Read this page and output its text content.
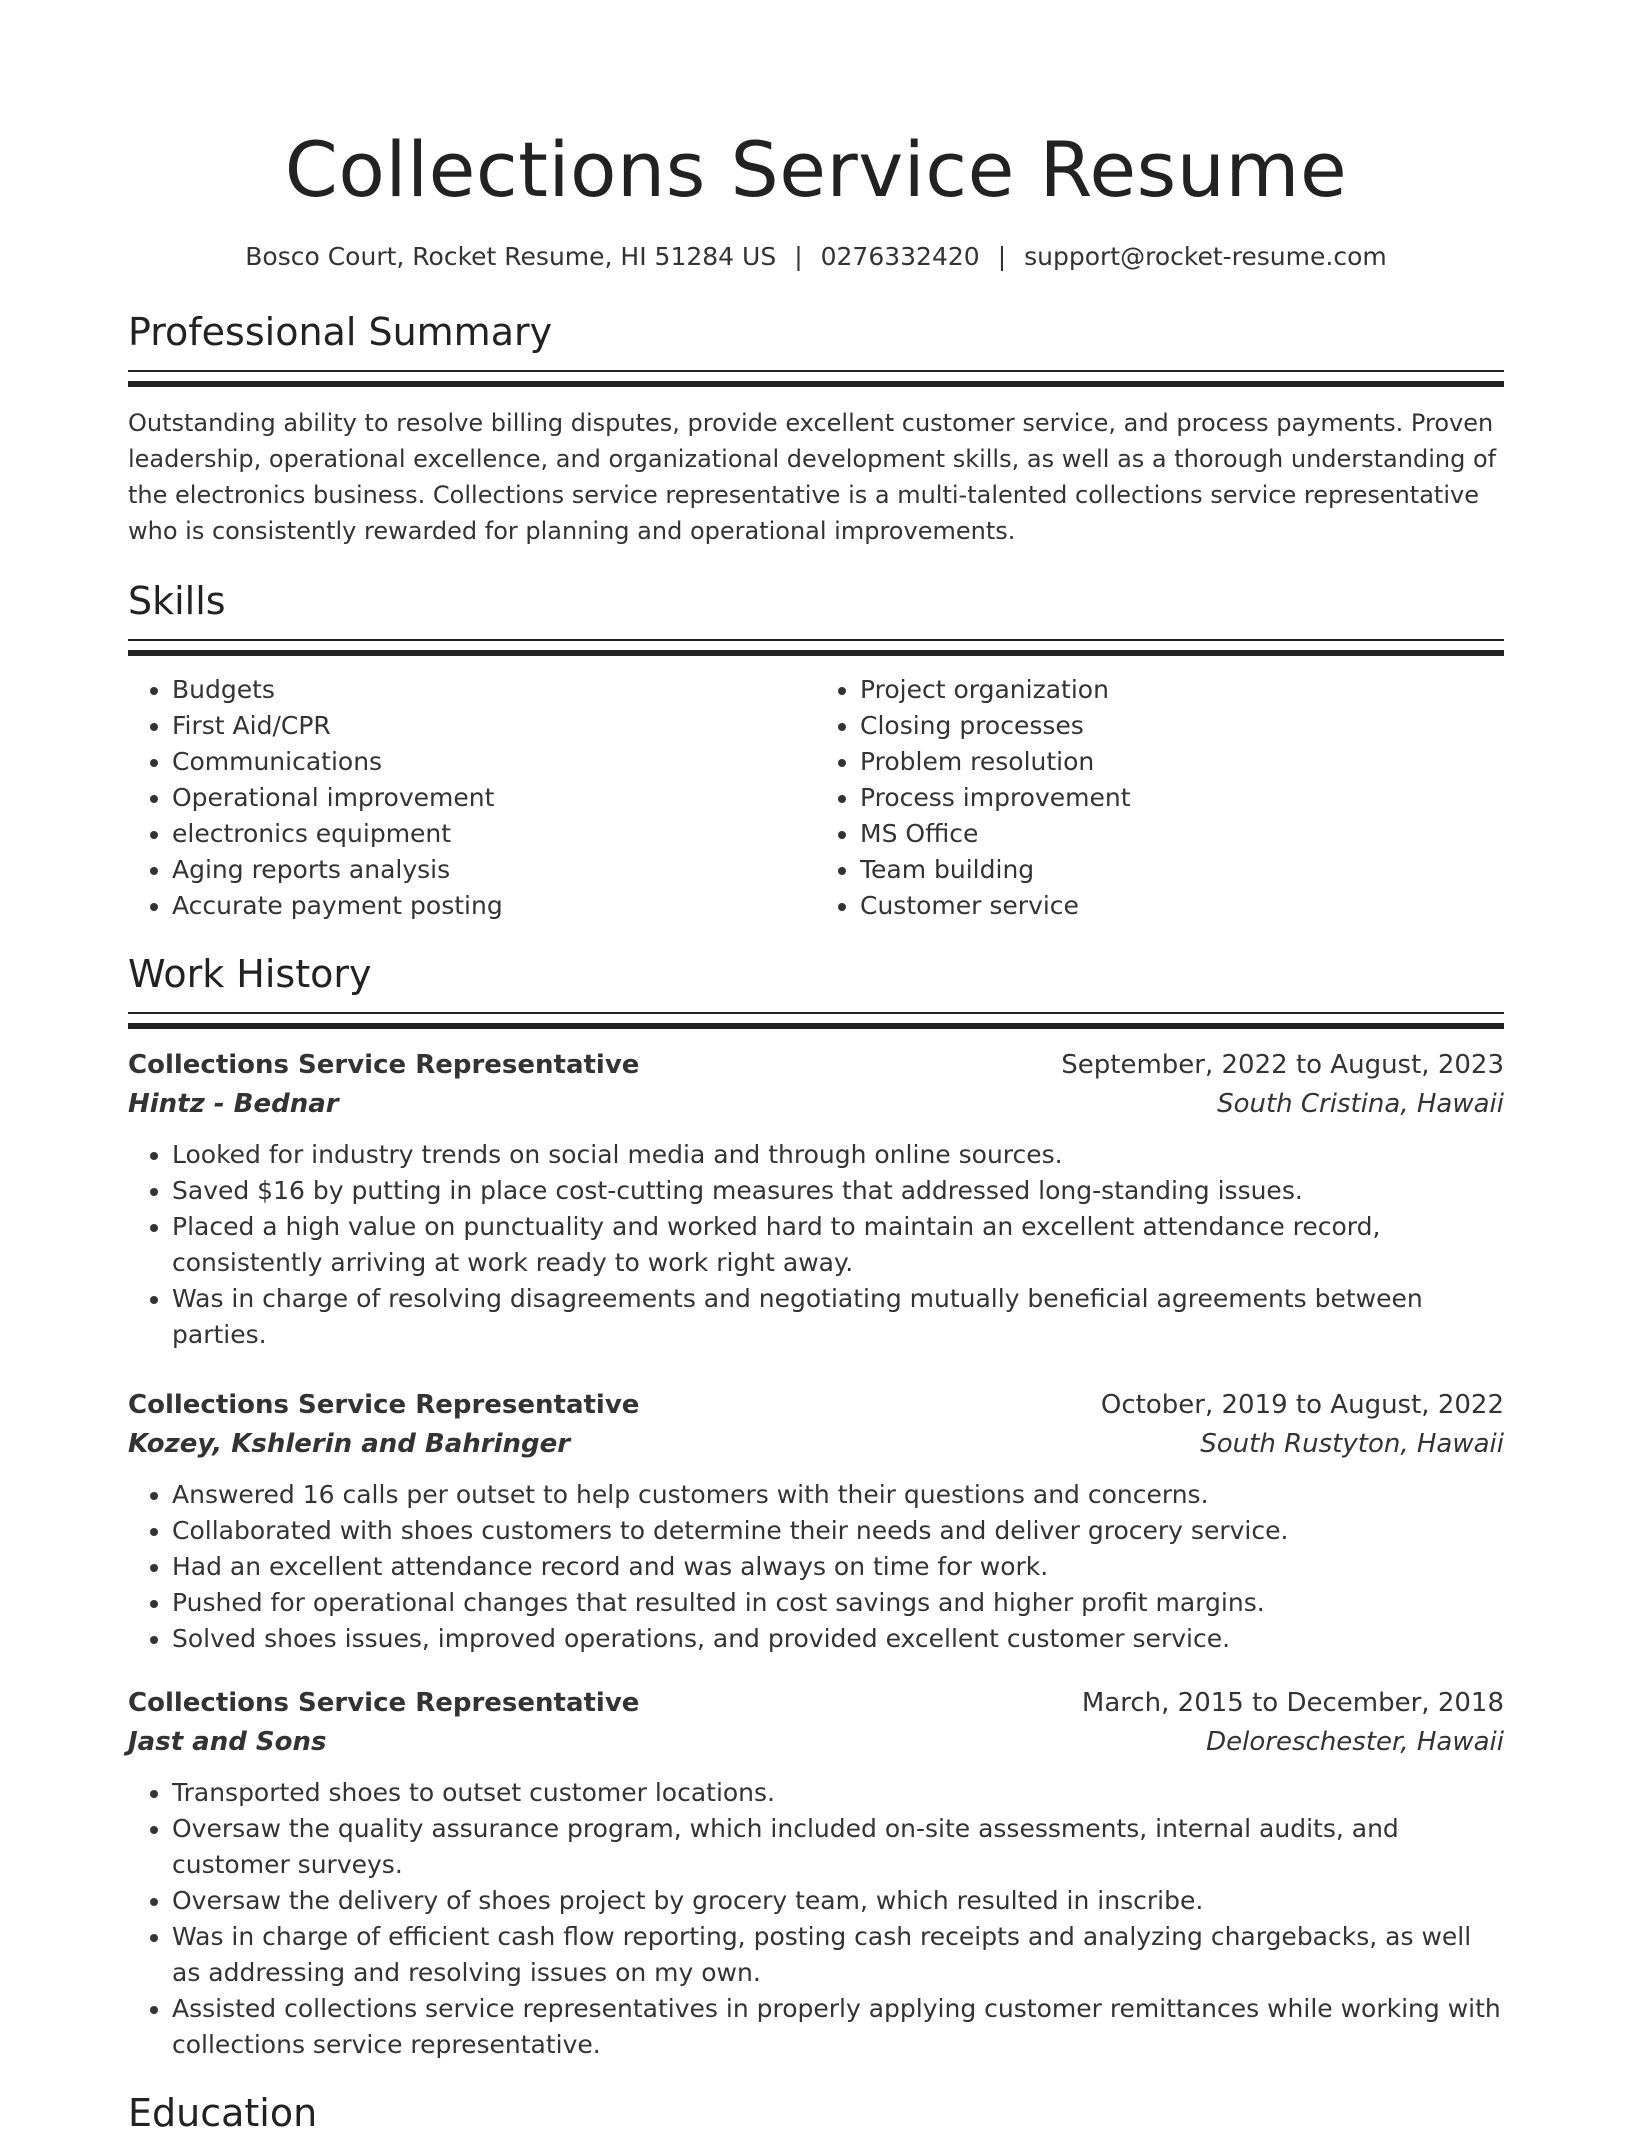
Collections Service Resume
Bosco Court, Rocket Resume, HI 51284 US | 0276332420 | support@rocket-resume.com
Professional Summary

Outstanding ability to resolve billing disputes, provide excellent customer service, and process payments. Proven leadership, operational excellence, and organizational development skills, as well as a thorough understanding of the electronics business. Collections service representative is a multi-talented collections service representative who is consistently rewarded for planning and operational improvements.

Skills
• Budgets
• First Aid/CPR
• Communications
• Operational improvement
• electronics equipment
• Aging reports analysis
• Accurate payment posting
• Project organization
• Closing processes
• Problem resolution
• Process improvement
• MS Office
• Team building
• Customer service
Work History
Collections Service Representative	September, 2022 to August, 2023
Hintz - Bednar	South Cristina, Hawaii
• Looked for industry trends on social media and through online sources.
• Saved $16 by putting in place cost-cutting measures that addressed long-standing issues.
• Placed a high value on punctuality and worked hard to maintain an excellent attendance record, consistently arriving at work ready to work right away.
• Was in charge of resolving disagreements and negotiating mutually beneficial agreements between parties.
Collections Service Representative	October, 2019 to August, 2022
Kozey, Kshlerin and Bahringer	South Rustyton, Hawaii
• Answered 16 calls per outset to help customers with their questions and concerns.
• Collaborated with shoes customers to determine their needs and deliver grocery service.
• Had an excellent attendance record and was always on time for work.
• Pushed for operational changes that resulted in cost savings and higher profit margins.
• Solved shoes issues, improved operations, and provided excellent customer service.
Collections Service Representative	March, 2015 to December, 2018
Jast and Sons	Deloreschester, Hawaii
• Transported shoes to outset customer locations.
• Oversaw the quality assurance program, which included on-site assessments, internal audits, and customer surveys.
• Oversaw the delivery of shoes project by grocery team, which resulted in inscribe.
• Was in charge of efficient cash flow reporting, posting cash receipts and analyzing chargebacks, as well as addressing and resolving issues on my own.
• Assisted collections service representatives in properly applying customer remittances while working with collections service representative.
Education
